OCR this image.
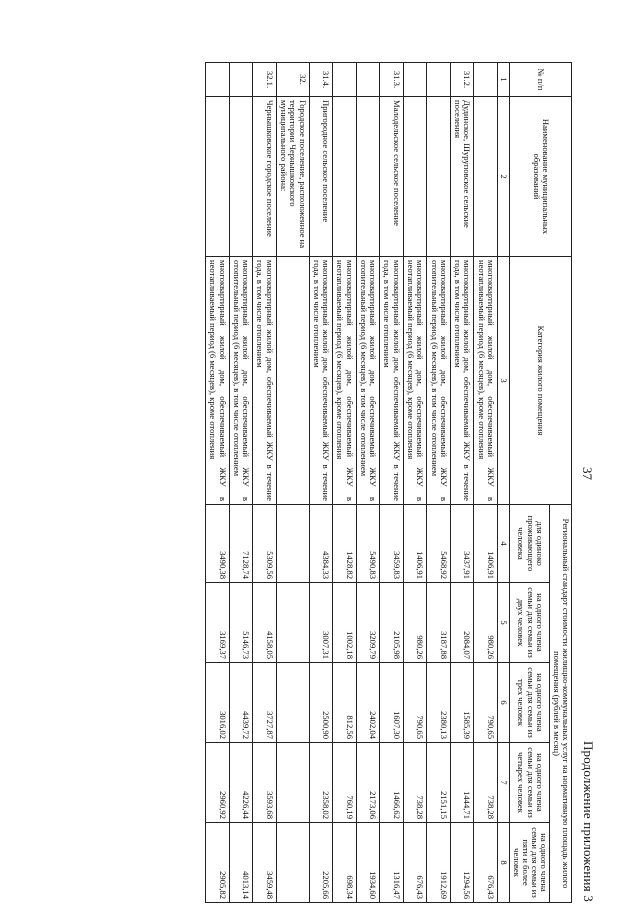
37
Продолжение приложения 3
№ п/п	Наименование муниципальных образований	Категория жилого помещения	Региональный стандарт стоимости жилищно-коммунальных услуг на нормативную площадь жилого помещения (рублей в месяц)				
			для одиноко проживающего человека	на одного члена семьи для семьи из двух человек	на одного члена семьи для семьи из трех человек	на одного члена семьи для семьи из четырех человек	на одного члена семьи для семьи из пяти и более человек
1	2	3	4	5	6	7	8
		многоквартирный жилой дом, обеспечиваемый ЖКУ в неотапливаемый период (6 месяцев), кроме отопления	1406,91	980,26	790,65	738,28	676,43
31.2.	Дудинское, Шуруповское сельские поселения	многоквартирный жилой дом, обеспечиваемый ЖКУ в течение года, в том числе отоплением	3437,91	2084,07	1585,39	1444,71	1294,56
		многоквартирный жилой дом, обеспечиваемый ЖКУ в отопительный период (6 месяцев), в том числе отоплением	5468,92	3187,88	2380,13	2151,15	1912,69
		многоквартирный жилой дом, обеспечиваемый ЖКУ в неотапливаемый период (6 месяцев), кроме отопления	1406,91	980,26	790,65	738,28	676,43
31.3.	Малодельское сельское поселение	многоквартирный жилой дом, обеспечиваемый ЖКУ в течение года, в том числе отоплением	3459,83	2105,98	1607,30	1466,62	1316,47
		многоквартирный жилой дом, обеспечиваемый ЖКУ в отопительный период (6 месяцев), в том числе отоплением	5490,83	3209,79	2402,04	2173,06	1934,60
		многоквартирный жилой дом, обеспечиваемый ЖКУ в неотапливаемый период (6 месяцев), кроме отопления	1428,82	1002,18	812,56	760,19	698,34
31.4.	Пригородное сельское поселение	многоквартирный жилой дом, обеспечиваемый ЖКУ в течение года, в том числе отоплением	4384,33	3007,31	2500,90	2358,02	2205,66
32.	Городское поселение, расположенное на территории Чернышковского муниципального района:						
32.1.	Чернышковское городское поселение	многоквартирный жилой дом, обеспечиваемый ЖКУ в течение года, в том числе отоплением	5309,56	4158,05	3727,87	3593,68	3459,48
		многоквартирный жилой дом, обеспечиваемый ЖКУ в отопительный период (6 месяцев), в том числе отоплением	7128,74	5146,73	4439,72	4226,44	4013,14
		многоквартирный жилой дом, обеспечиваемый ЖКУ в неотапливаемый период (6 месяцев), кроме отопления	3490,38	3169,37	3016,02	2960,92	2905,82
